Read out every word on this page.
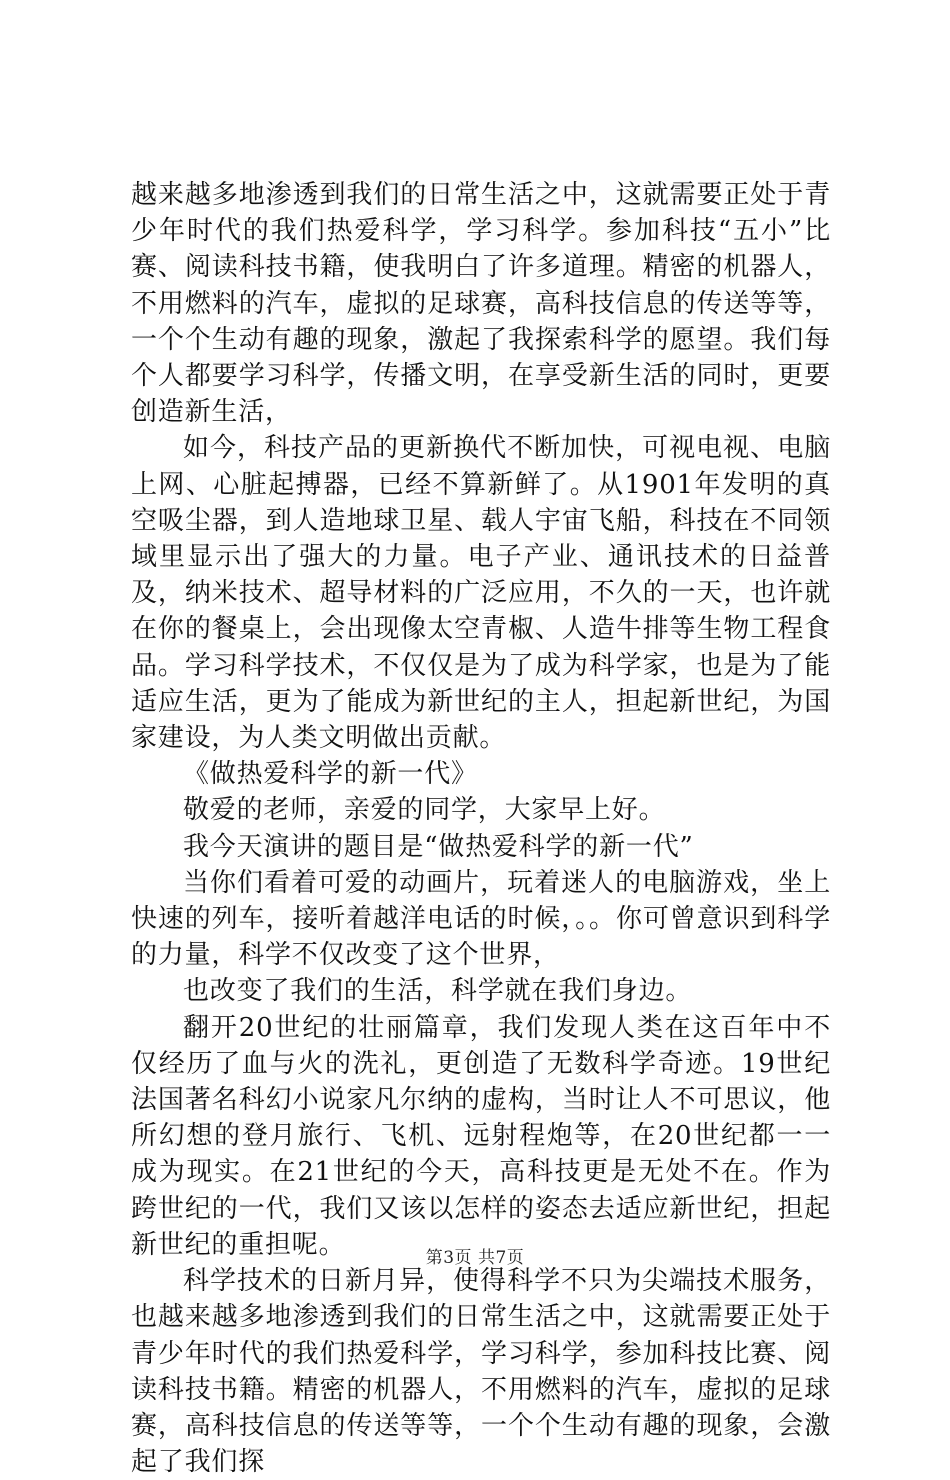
越来越多地渗透到我们的日常生活之中，这就需要正处于青少年时代的我们热爱科学，学习科学。参加科技“五小”比赛、阅读科技书籍，使我明白了许多道理。精密的机器人，不用燃料的汽车，虚拟的足球赛，高科技信息的传送等等，一个个生动有趣的现象，激起了我探索科学的愿望。我们每个人都要学习科学，传播文明，在享受新生活的同时，更要创造新生活，

如今，科技产品的更新换代不断加快，可视电视、电脑上网、心脏起搏器，已经不算新鲜了。从1901年发明的真空吸尘器，到人造地球卫星、载人宇宙飞船，科技在不同领域里显示出了强大的力量。电子产业、通讯技术的日益普及，纳米技术、超导材料的广泛应用，不久的一天，也许就在你的餐桌上，会出现像太空青椒、人造牛排等生物工程食品。学习科学技术，不仅仅是为了成为科学家，也是为了能适应生活，更为了能成为新世纪的主人，担起新世纪，为国家建设，为人类文明做出贡献。

《做热爱科学的新一代》

敬爱的老师，亲爱的同学，大家早上好。

我今天演讲的题目是“做热爱科学的新一代”

当你们看着可爱的动画片，玩着迷人的电脑游戏，坐上快速的列车，接听着越洋电话的时候，。。你可曾意识到科学的力量，科学不仅改变了这个世界，

也改变了我们的生活，科学就在我们身边。

翻开20世纪的壮丽篇章，我们发现人类在这百年中不仅经历了血与火的洗礼，更创造了无数科学奇迹。19世纪法国著名科幻小说家凡尔纳的虚构，当时让人不可思议，他所幻想的登月旅行、飞机、远射程炮等，在20世纪都一一成为现实。在21世纪的今天，高科技更是无处不在。作为跨世纪的一代，我们又该以怎样的姿态去适应新世纪，担起新世纪的重担呢。

科学技术的日新月异，使得科学不只为尖端技术服务，也越来越多地渗透到我们的日常生活之中，这就需要正处于青少年时代的我们热爱科学，学习科学，参加科技比赛、阅读科技书籍。精密的机器人，不用燃料的汽车，虚拟的足球赛，高科技信息的传送等等，一个个生动有趣的现象，会激起了我们探

第3页 共7页
